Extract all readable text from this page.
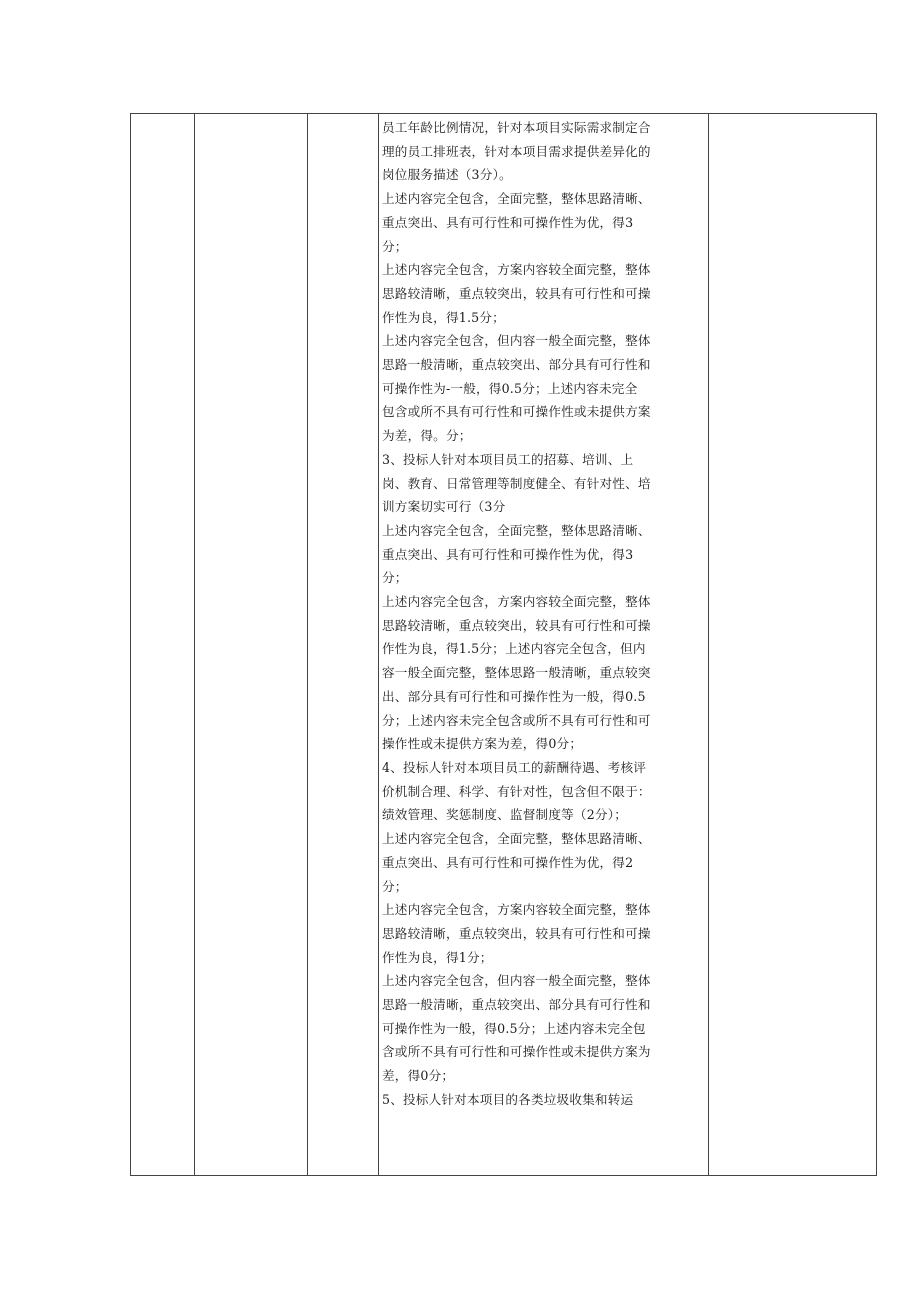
员工年龄比例情况，针对本项目实际需求制定合
理的员工排班表，针对本项目需求提供差异化的
岗位服务描述（3分）。
上述内容完全包含，全面完整，整体思路清晰、
重点突出、具有可行性和可操作性为优，得3
分；
上述内容完全包含，方案内容较全面完整，整体
思路较清晰，重点较突出，较具有可行性和可操
作性为良，得1.5分；
上述内容完全包含，但内容一般全面完整，整体
思路一般清晰，重点较突出、部分具有可行性和
可操作性为-一般，得0.5分；上述内容未完全
包含或所不具有可行性和可操作性或未提供方案
为差，得。分；
3、投标人针对本项目员工的招募、培训、上
岗、教育、日常管理等制度健全、有针对性、培
训方案切实可行（3分
上述内容完全包含，全面完整，整体思路清晰、
重点突出、具有可行性和可操作性为优，得3
分；
上述内容完全包含，方案内容较全面完整，整体
思路较清晰，重点较突出，较具有可行性和可操
作性为良，得1.5分；上述内容完全包含，但内
容一般全面完整，整体思路一般清晰，重点较突
出、部分具有可行性和可操作性为一般，得0.5
分；上述内容未完全包含或所不具有可行性和可
操作性或未提供方案为差，得0分；
4、投标人针对本项目员工的薪酬待遇、考核评
价机制合理、科学、有针对性，包含但不限于：
绩效管理、奖惩制度、监督制度等（2分）；
上述内容完全包含，全面完整，整体思路清晰、
重点突出、具有可行性和可操作性为优，得2
分；
上述内容完全包含，方案内容较全面完整，整体
思路较清晰，重点较突出，较具有可行性和可操
作性为良，得1分；
上述内容完全包含，但内容一般全面完整，整体
思路一般清晰，重点较突出、部分具有可行性和
可操作性为一般，得0.5分；上述内容未完全包
含或所不具有可行性和可操作性或未提供方案为
差，得0分；
5、投标人针对本项目的各类垃圾收集和转运
